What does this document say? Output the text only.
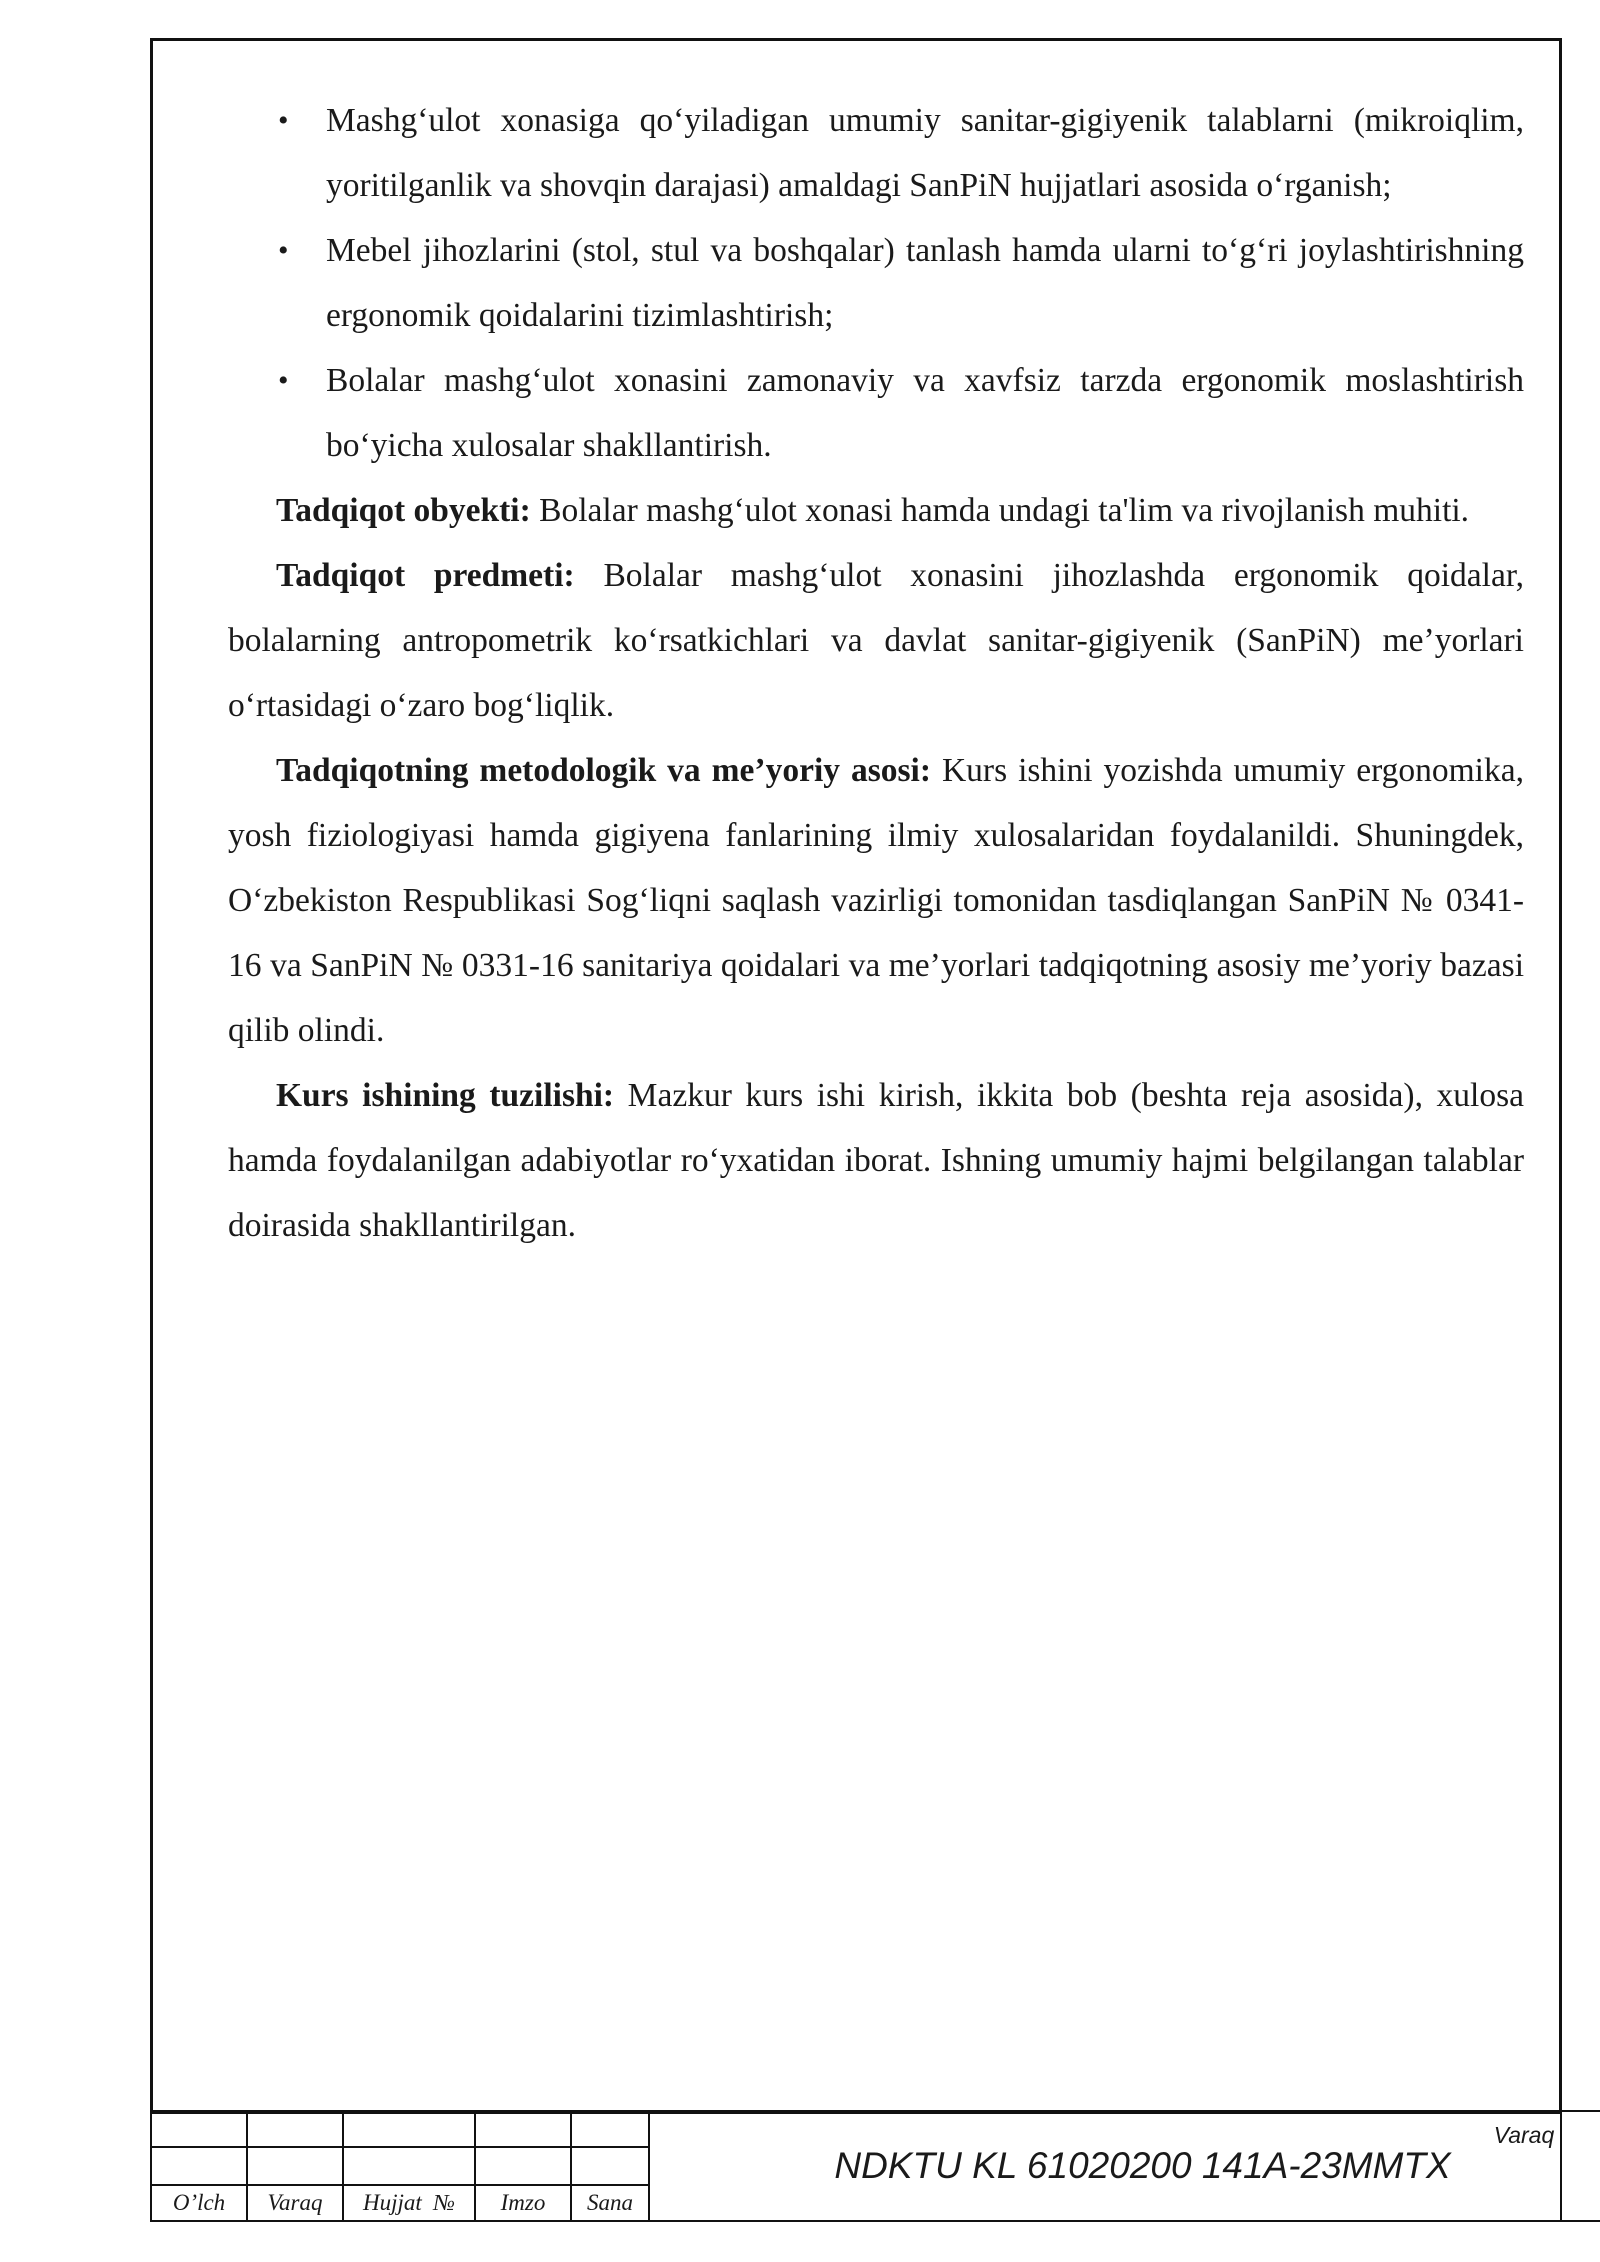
• Mashg‘ulot xonasiga qo‘yiladigan umumiy sanitar-gigiyenik talablarni (mikroiqlim, yoritilganlik va shovqin darajasi) amaldagi SanPiN hujjatlari asosida o‘rganish;
• Mebel jihozlarini (stol, stul va boshqalar) tanlash hamda ularni to‘g‘ri joylashtirishning ergonomik qoidalarini tizimlashtirish;
• Bolalar mashg‘ulot xonasini zamonaviy va xavfsiz tarzda ergonomik moslashtirish bo‘yicha xulosalar shakllantirish.

Tadqiqot obyekti: Bolalar mashg‘ulot xonasi hamda undagi ta'lim va rivojlanish muhiti.

Tadqiqot predmeti: Bolalar mashg‘ulot xonasini jihozlashda ergonomik qoidalar, bolalarning antropometrik ko‘rsatkichlari va davlat sanitar-gigiyenik (SanPiN) me’yorlari o‘rtasidagi o‘zaro bog‘liqlik.

Tadqiqotning metodologik va me’yoriy asosi: Kurs ishini yozishda umumiy ergonomika, yosh fiziologiyasi hamda gigiyena fanlarining ilmiy xulosalaridan foydalanildi. Shuningdek, O‘zbekiston Respublikasi Sog‘liqni saqlash vazirligi tomonidan tasdiqlangan SanPiN № 0341-16 va SanPiN № 0331-16 sanitariya qoidalari va me’yorlari tadqiqotning asosiy me’yoriy bazasi qilib olindi.

Kurs ishining tuzilishi: Mazkur kurs ishi kirish, ikkita bob (beshta reja asosida), xulosa hamda foydalanilgan adabiyotlar ro‘yxatidan iborat. Ishning umumiy hajmi belgilangan talablar doirasida shakllantirilgan.

O’lch	Varaq	Hujjat  №	Imzo	Sana
NDKTU KL 61020200 141A-23MMTX
Varaq
